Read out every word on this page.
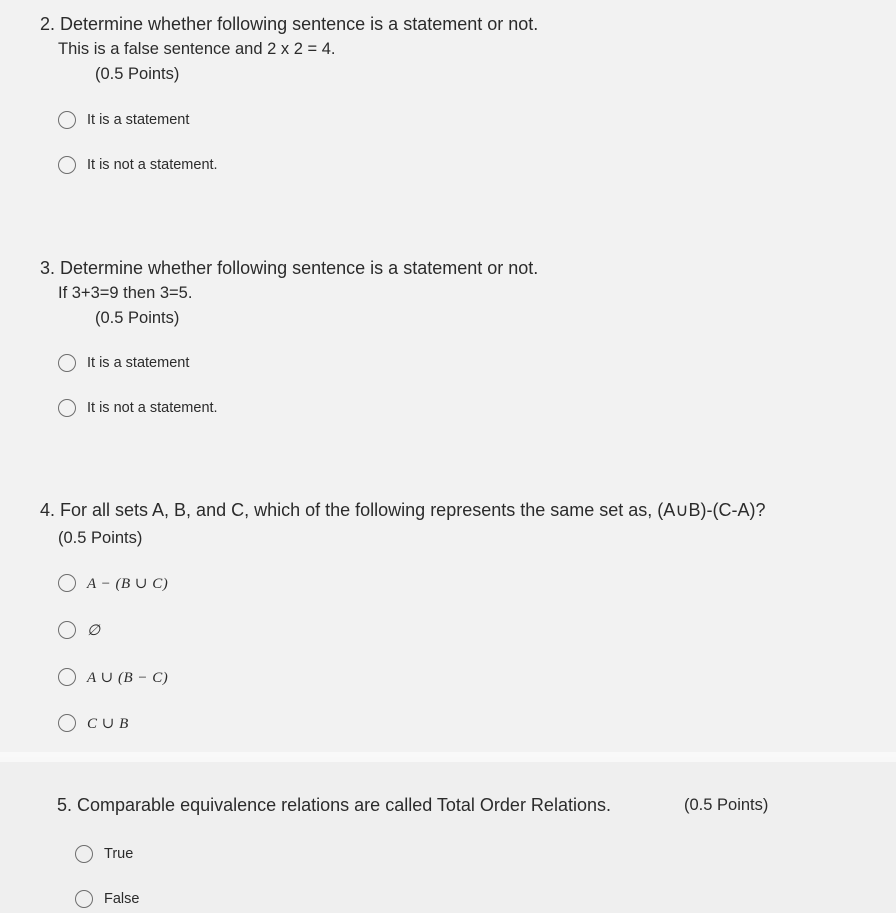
2. Determine whether following sentence is a statement or not.
This is a false sentence and 2 x 2 = 4.
(0.5 Points)
It is a statement
It is not a statement.
3. Determine whether following sentence is a statement or not.
If 3+3=9 then 3=5.
(0.5 Points)
It is a statement
It is not a statement.
4. For all sets A, B, and C, which of the following represents the same set as, (A∪B)-(C-A)?
(0.5 Points)
A − (B ∪ C)
∅
A ∪ (B − C)
C ∪ B
5. Comparable equivalence relations are called Total Order Relations.	(0.5 Points)
True
False
